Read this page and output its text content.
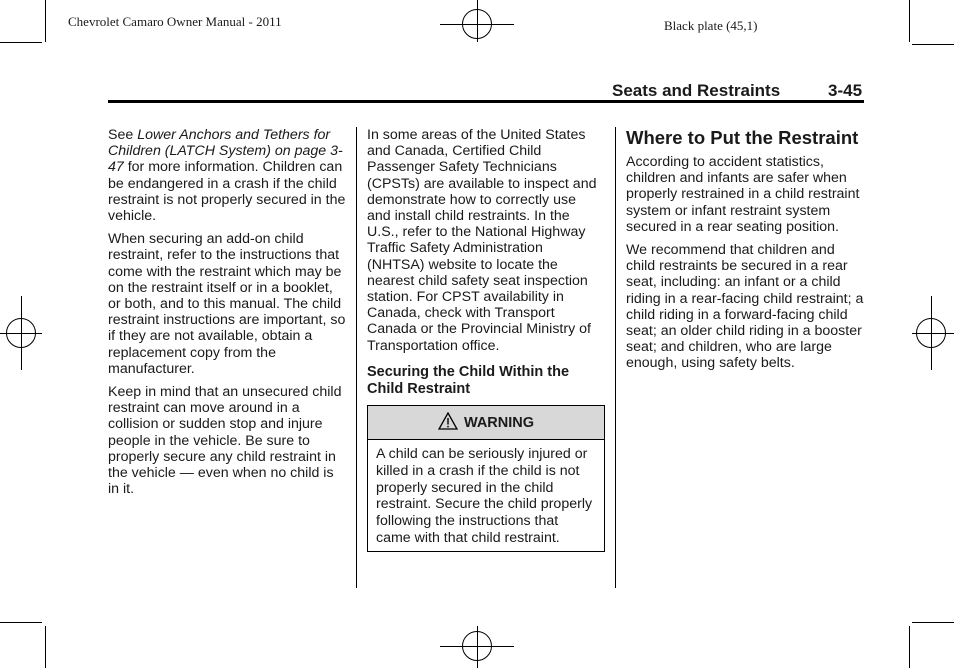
Chevrolet Camaro Owner Manual - 2011	Black plate (45,1)
Seats and Restraints	3-45

See Lower Anchors and Tethers for Children (LATCH System) on page 3-47 for more information. Children can be endangered in a crash if the child restraint is not properly secured in the vehicle.

When securing an add-on child restraint, refer to the instructions that come with the restraint which may be on the restraint itself or in a booklet, or both, and to this manual. The child restraint instructions are important, so if they are not available, obtain a replacement copy from the manufacturer.

Keep in mind that an unsecured child restraint can move around in a collision or sudden stop and injure people in the vehicle. Be sure to properly secure any child restraint in the vehicle — even when no child is in it.

In some areas of the United States and Canada, Certified Child Passenger Safety Technicians (CPSTs) are available to inspect and demonstrate how to correctly use and install child restraints. In the U.S., refer to the National Highway Traffic Safety Administration (NHTSA) website to locate the nearest child safety seat inspection station. For CPST availability in Canada, check with Transport Canada or the Provincial Ministry of Transportation office.

Securing the Child Within the Child Restraint
WARNING
A child can be seriously injured or killed in a crash if the child is not properly secured in the child restraint. Secure the child properly following the instructions that came with that child restraint.
Where to Put the Restraint

According to accident statistics, children and infants are safer when properly restrained in a child restraint system or infant restraint system secured in a rear seating position.

We recommend that children and child restraints be secured in a rear seat, including: an infant or a child riding in a rear-facing child restraint; a child riding in a forward-facing child seat; an older child riding in a booster seat; and children, who are large enough, using safety belts.
